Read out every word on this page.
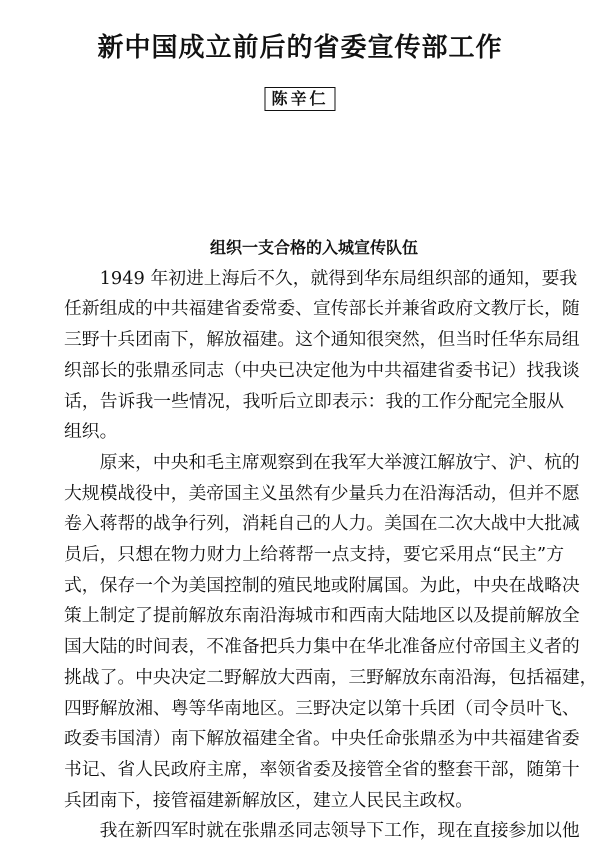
新中国成立前后的省委宣传部工作
陈辛仁
组织一支合格的入城宣传队伍
　　1949 年初进上海后不久，就得到华东局组织部的通知，要我
任新组成的中共福建省委常委、宣传部长并兼省政府文教厅长，随
三野十兵团南下，解放福建。这个通知很突然，但当时任华东局组
织部长的张鼎丞同志（中央已决定他为中共福建省委书记）找我谈
话，告诉我一些情况，我听后立即表示：我的工作分配完全服从
组织。
　　原来，中央和毛主席观察到在我军大举渡江解放宁、沪、杭的
大规模战役中，美帝国主义虽然有少量兵力在沿海活动，但并不愿
卷入蒋帮的战争行列，消耗自己的人力。美国在二次大战中大批减
员后，只想在物力财力上给蒋帮一点支持，要它采用点“民主”方
式，保存一个为美国控制的殖民地或附属国。为此，中央在战略决
策上制定了提前解放东南沿海城市和西南大陆地区以及提前解放全
国大陆的时间表，不准备把兵力集中在华北准备应付帝国主义者的
挑战了。中央决定二野解放大西南，三野解放东南沿海，包括福建，
四野解放湘、粤等华南地区。三野决定以第十兵团（司令员叶飞、
政委韦国清）南下解放福建全省。中央任命张鼎丞为中共福建省委
书记、省人民政府主席，率领省委及接管全省的整套干部，随第十
兵团南下，接管福建新解放区，建立人民民主政权。
　　我在新四军时就在张鼎丞同志领导下工作，现在直接参加以他
